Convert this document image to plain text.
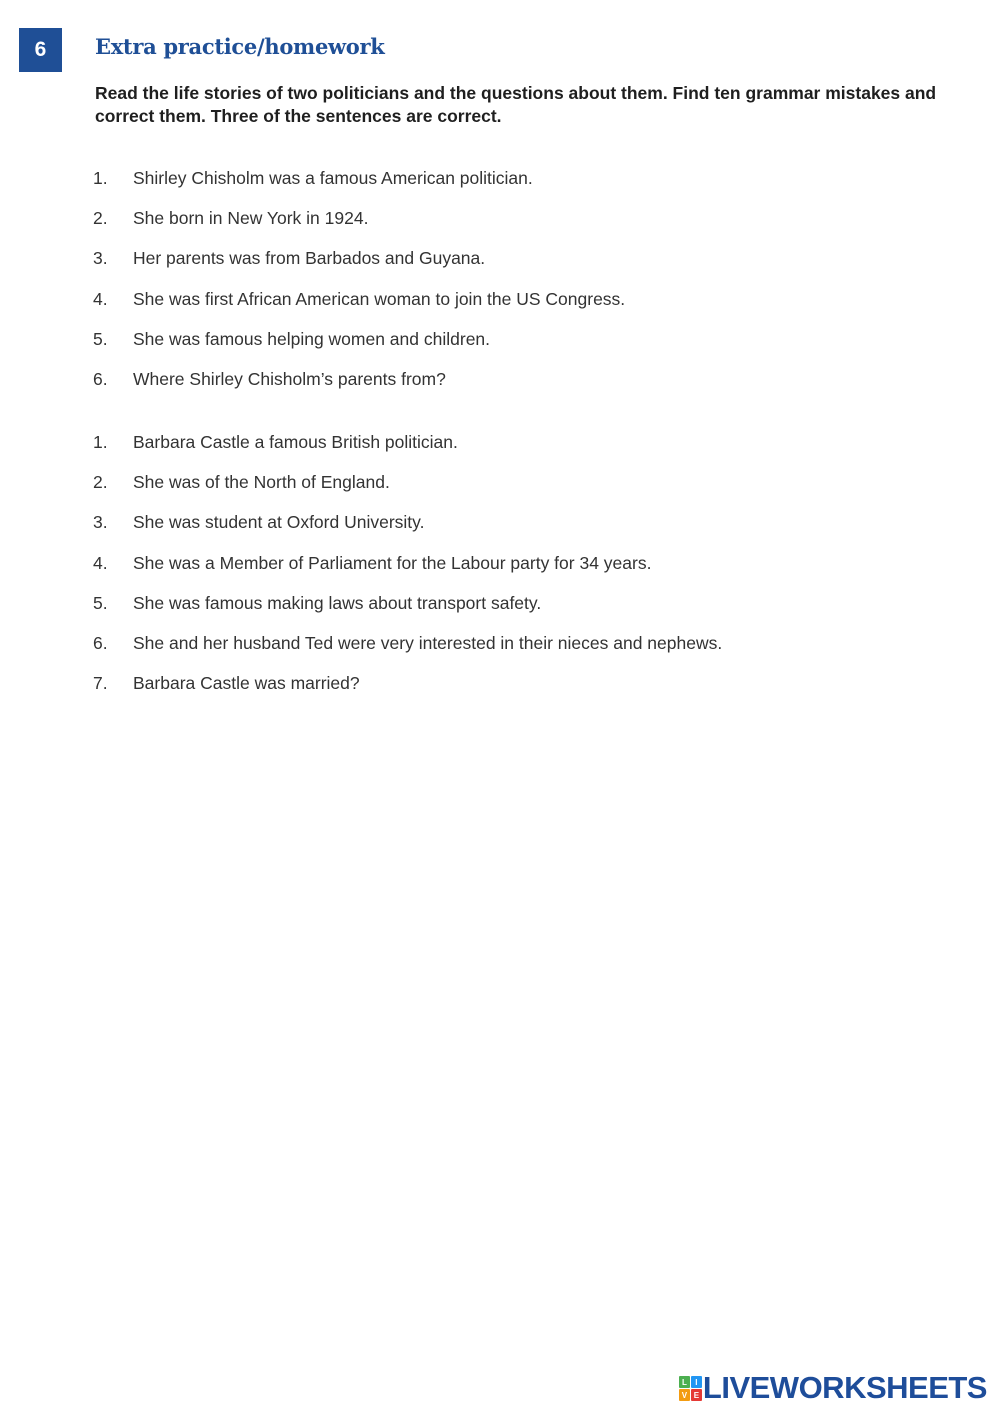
6	Extra practice/homework
Read the life stories of two politicians and the questions about them. Find ten grammar mistakes and correct them. Three of the sentences are correct.
1.	Shirley Chisholm was a famous American politician.
2.	She born in New York in 1924.
3.	Her parents was from Barbados and Guyana.
4.	She was first African American woman to join the US Congress.
5.	She was famous helping women and children.
6.	Where Shirley Chisholm’s parents from?
1.	Barbara Castle a famous British politician.
2.	She was of the North of England.
3.	She was student at Oxford University.
4.	She was a Member of Parliament for the Labour party for 34 years.
5.	She was famous making laws about transport safety.
6.	She and her husband Ted were very interested in their nieces and nephews.
7.	Barbara Castle was married?
L	I
V E LIVEWORKSHEETS
